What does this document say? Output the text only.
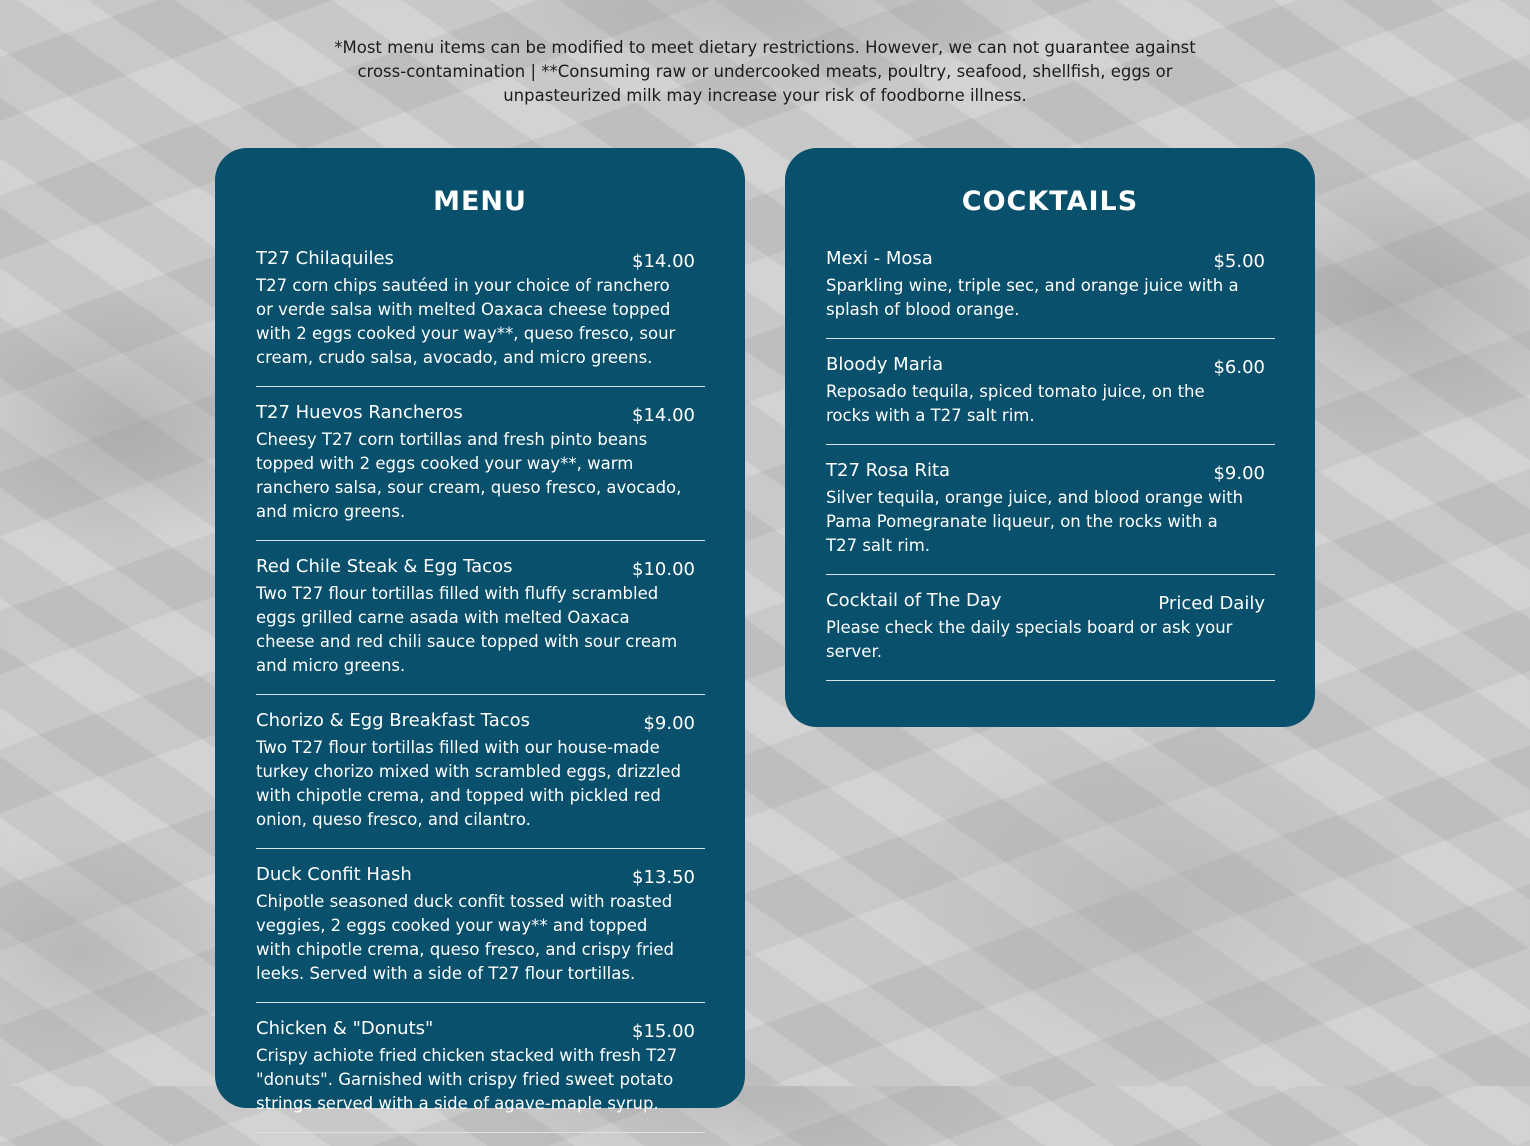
*Most menu items can be modified to meet dietary restrictions. However, we can not guarantee against cross-contamination | **Consuming raw or undercooked meats, poultry, seafood, shellfish, eggs or unpasteurized milk may increase your risk of foodborne illness.
MENU
T27 Chilaquiles	$14.00
T27 corn chips sautéed in your choice of ranchero or verde salsa with melted Oaxaca cheese topped with 2 eggs cooked your way**, queso fresco, sour cream, crudo salsa, avocado, and micro greens.
T27 Huevos Rancheros	$14.00
Cheesy T27 corn tortillas and fresh pinto beans topped with 2 eggs cooked your way**, warm ranchero salsa, sour cream, queso fresco, avocado, and micro greens.
Red Chile Steak & Egg Tacos	$10.00
Two T27 flour tortillas filled with fluffy scrambled eggs grilled carne asada with melted Oaxaca cheese and red chili sauce topped with sour cream and micro greens.
Chorizo & Egg Breakfast Tacos	$9.00
Two T27 flour tortillas filled with our house-made turkey chorizo mixed with scrambled eggs, drizzled with chipotle crema, and topped with pickled red onion, queso fresco, and cilantro.
Duck Confit Hash	$13.50
Chipotle seasoned duck confit tossed with roasted veggies, 2 eggs cooked your way** and topped with chipotle crema, queso fresco, and crispy fried leeks. Served with a side of T27 flour tortillas.
Chicken & "Donuts"	$15.00
Crispy achiote fried chicken stacked with fresh T27 "donuts". Garnished with crispy fried sweet potato strings served with a side of agave-maple syrup.
COCKTAILS
Mexi - Mosa	$5.00
Sparkling wine, triple sec, and orange juice with a splash of blood orange.
Bloody Maria	$6.00
Reposado tequila, spiced tomato juice, on the rocks with a T27 salt rim.
T27 Rosa Rita	$9.00
Silver tequila, orange juice, and blood orange with Pama Pomegranate liqueur, on the rocks with a T27 salt rim.
Cocktail of The Day	Priced Daily
Please check the daily specials board or ask your server.
